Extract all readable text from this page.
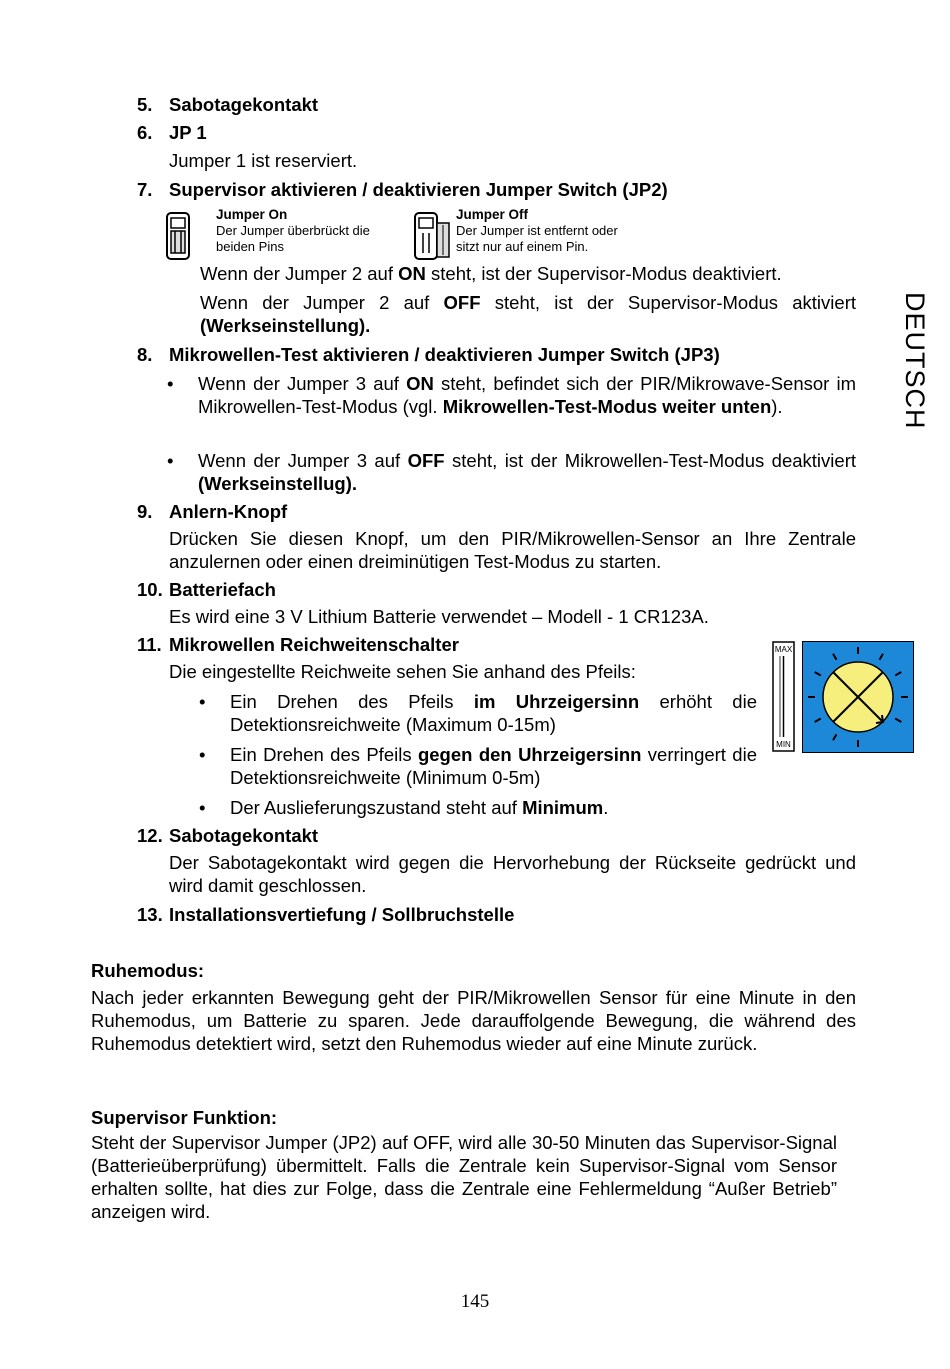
5. Sabotagekontakt
6. JP 1
Jumper 1 ist reserviert.
7. Supervisor aktivieren / deaktivieren Jumper Switch (JP2)
Jumper On
Der Jumper überbrückt die
beiden Pins
Jumper Off
Der Jumper ist entfernt oder
sitzt nur auf einem Pin.
Wenn der Jumper 2 auf ON steht, ist der Supervisor-Modus deaktiviert.
Wenn der Jumper 2 auf OFF steht, ist der Supervisor-Modus aktiviert
(Werkseinstellung).
8. Mikrowellen-Test aktivieren / deaktivieren Jumper Switch (JP3)
• Wenn der Jumper 3 auf ON steht, befindet sich der PIR/Mikrowave-Sensor im Mikrowellen-Test-Modus (vgl. Mikrowellen-Test-Modus weiter unten).
• Wenn der Jumper 3 auf OFF steht, ist der Mikrowellen-Test-Modus deaktiviert (Werkseinstellug).
9. Anlern-Knopf
Drücken Sie diesen Knopf, um den PIR/Mikrowellen-Sensor an Ihre Zentrale anzulernen oder einen dreiminütigen Test-Modus zu starten.
10. Batteriefach
Es wird eine 3 V Lithium Batterie verwendet – Modell - 1 CR123A.
11. Mikrowellen Reichweitenschalter
Die eingestellte Reichweite sehen Sie anhand des Pfeils:
• Ein Drehen des Pfeils im Uhrzeigersinn erhöht die Detektionsreichweite (Maximum 0-15m)
• Ein Drehen des Pfeils gegen den Uhrzeigersinn verringert die Detektionsreichweite (Minimum 0-5m)
• Der Auslieferungszustand steht auf Minimum.
MAX
MIN
12. Sabotagekontakt
Der Sabotagekontakt wird gegen die Hervorhebung der Rückseite gedrückt und wird damit geschlossen.
13. Installationsvertiefung / Sollbruchstelle
Ruhemodus:
Nach jeder erkannten Bewegung geht der PIR/Mikrowellen Sensor für eine Minute in den Ruhemodus, um Batterie zu sparen. Jede darauffolgende Bewegung, die während des Ruhemodus detektiert wird, setzt den Ruhemodus wieder auf eine Minute zurück.
Supervisor Funktion:
Steht der Supervisor Jumper (JP2) auf OFF, wird alle 30-50 Minuten das Supervisor-Signal (Batterieüberprüfung) übermittelt. Falls die Zentrale kein Supervisor-Signal vom Sensor erhalten sollte, hat dies zur Folge, dass die Zentrale eine Fehlermeldung “Außer Betrieb” anzeigen wird.
DEUTSCH
145
